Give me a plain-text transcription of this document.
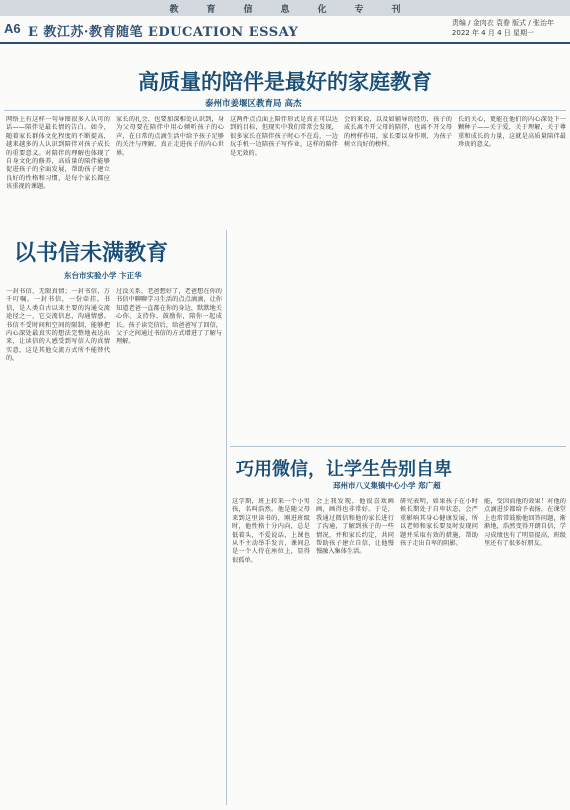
教育信息化专刊
A6 E 教江苏·教育随笔 EDUCATION ESSAY
责编 / 金肉衣 袁眷 版式 / 张治年
2022 年 4 月 4 日 星期一
高质量的陪伴是最好的家庭教育
泰州市姜堰区教育局 高杰
网络上有这样一句导图很多人认可的话——陪伴是最长情的告白。如今，随着家长群体文化程度的不断提高，越来越多的人认识到陪伴对孩子成长的重要意义。对陪伴的理解也体现了自身文化的修养，高质量的陪伴能够促进孩子的全面发展，帮助孩子建立良好的性格和习惯，是每个家长都应该重视的课题。
家长的扎会，也要加深相处认识到，身为父母要在陪伴中用心倾听孩子的心声，在日常的点滴生活中给予孩子足够的关注与理解，真正走进孩子的内心世界。
这两件点点面上陪伴形式是真正可以达到的目标，但现实中我们常常会发现，很多家长在陪伴孩子时心不在焉，一边玩手机一边陪孩子写作业，这样的陪伴是无效的。
会的来说，以及如辅导的经历，孩子的成长离不开父母的陪伴，也离不开父母的榜样作用，家长要以身作则，为孩子树立良好的榜样。
长的关心，更能在他们的内心深处下一颗种子——关于爱，关于理解，关于尊重和成长的力量，这就是高质量陪伴最珍贵的意义。
以书信未满教育
东台市实验小学 卞正华
一封书信，无限真情；一封书信，万千叮嘱。一封书信，一份牵挂。书信，是人类自古以来主要的沟通交流途径之一，它交流信息，沟通情感。书信不受时间和空间的限制，能够把内心深处最真实的想法完整地表达出来，让读信的人感受到写信人的真情实意，这是其他交流方式所不能替代的。
过没关系，老爸想好了，老爸想在你的书信中聊聊学习生活的点点滴滴，让你知道老爸一直都在你的身边，默默地关心你、支持你、鼓励你，陪你一起成长。孩子读完信后，给爸爸写了回信，父子之间通过书信的方式增进了了解与理解。
巧用微信，让学生告别自卑
邳州市八义集镇中心小学 郑广超
这学期，班上转来一个小男孩，名叫浩然。他是随父母来到这里读书的，刚进班级时，他性格十分内向，总是低着头，不爱说话，上课也从不主动举手发言，课间总是一个人待在座位上，显得很孤单。
会上我发现，他很喜欢画画，画得也非常好。于是，我通过微信和他的家长进行了沟通，了解到孩子的一些情况，并和家长约定，共同帮助孩子建立自信，让他慢慢融入集体生活。
研究表明，如果孩子在小时候长期处于自卑状态，会严重影响其身心健康发展，所以老师和家长要及时发现问题并采取有效的措施，帮助孩子走出自卑的阴影。
能，受因而他的效果！对他的点滴进步都给予表扬，在课堂上也常常鼓励他回答问题，渐渐地，浩然变得开朗自信，学习成绩也有了明显提高，班级里还有了很多好朋友。
